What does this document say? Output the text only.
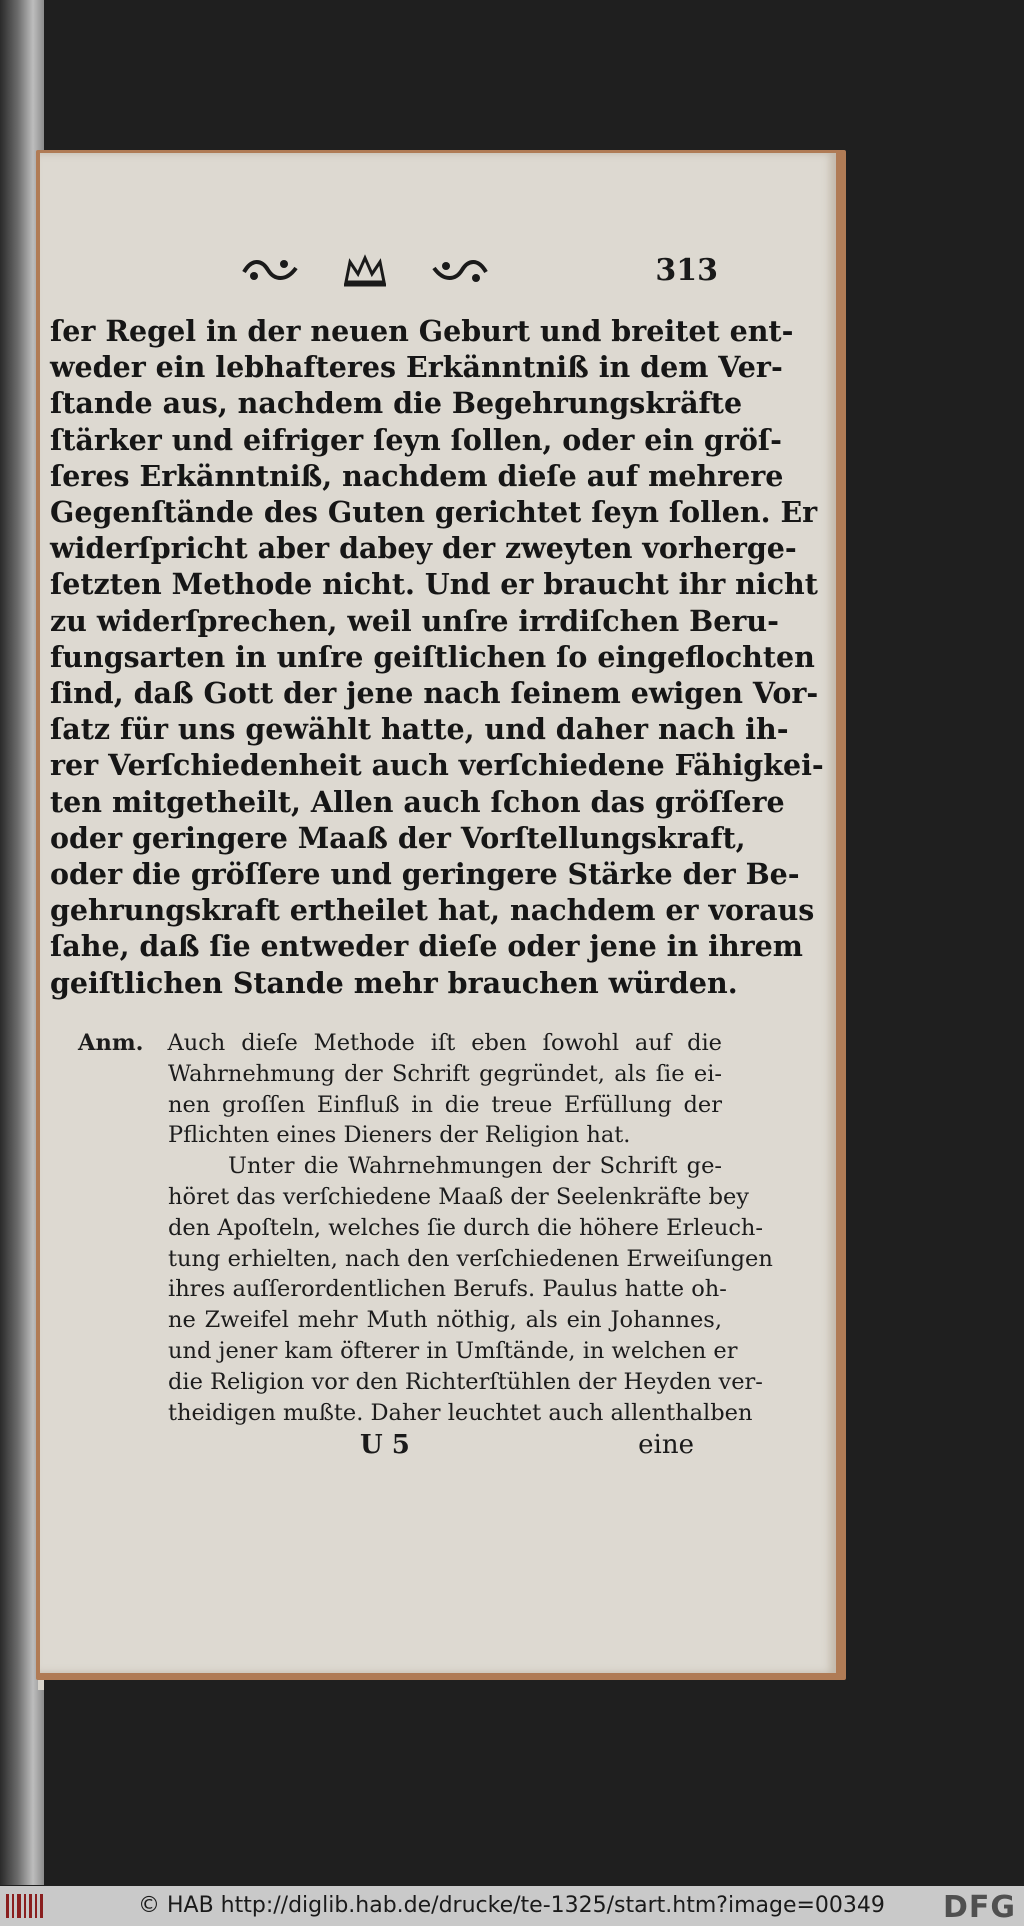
313
ſer Regel in der neuen Geburt und breitet ent-
weder ein lebhafteres Erkänntniß in dem Ver-
ſtande aus, nachdem die Begehrungskräfte
ſtärker und eifriger ſeyn ſollen, oder ein gröſ-
ſeres Erkänntniß, nachdem dieſe auf mehrere
Gegenſtände des Guten gerichtet ſeyn ſollen. Er
widerſpricht aber dabey der zweyten vorherge-
ſetzten Methode nicht. Und er braucht ihr nicht
zu widerſprechen, weil unſre irrdiſchen Beru-
fungsarten in unſre geiſtlichen ſo eingeflochten
ſind, daß Gott der jene nach ſeinem ewigen Vor-
ſatz für uns gewählt hatte, und daher nach ih-
rer Verſchiedenheit auch verſchiedene Fähigkei-
ten mitgetheilt, Allen auch ſchon das gröſſere
oder geringere Maaß der Vorſtellungskraft,
oder die gröſſere und geringere Stärke der Be-
gehrungskraft ertheilet hat, nachdem er voraus
ſahe, daß ſie entweder dieſe oder jene in ihrem
geiſtlichen Stande mehr brauchen würden.
Anm. Auch dieſe Methode iſt eben ſowohl auf die
Wahrnehmung der Schrift gegründet, als ſie ei-
nen groſſen Einfluß in die treue Erfüllung der
Pflichten eines Dieners der Religion hat.
Unter die Wahrnehmungen der Schrift ge-
höret das verſchiedene Maaß der Seelenkräfte bey
den Apoſteln, welches ſie durch die höhere Erleuch-
tung erhielten, nach den verſchiedenen Erweiſungen
ihres auſſerordentlichen Berufs. Paulus hatte oh-
ne Zweifel mehr Muth nöthig, als ein Johannes,
und jener kam öfterer in Umſtände, in welchen er
die Religion vor den Richterſtühlen der Heyden ver-
theidigen mußte. Daher leuchtet auch allenthalben
U 5	eine
© HAB http://diglib.hab.de/drucke/te-1325/start.htm?image=00349 DFG
